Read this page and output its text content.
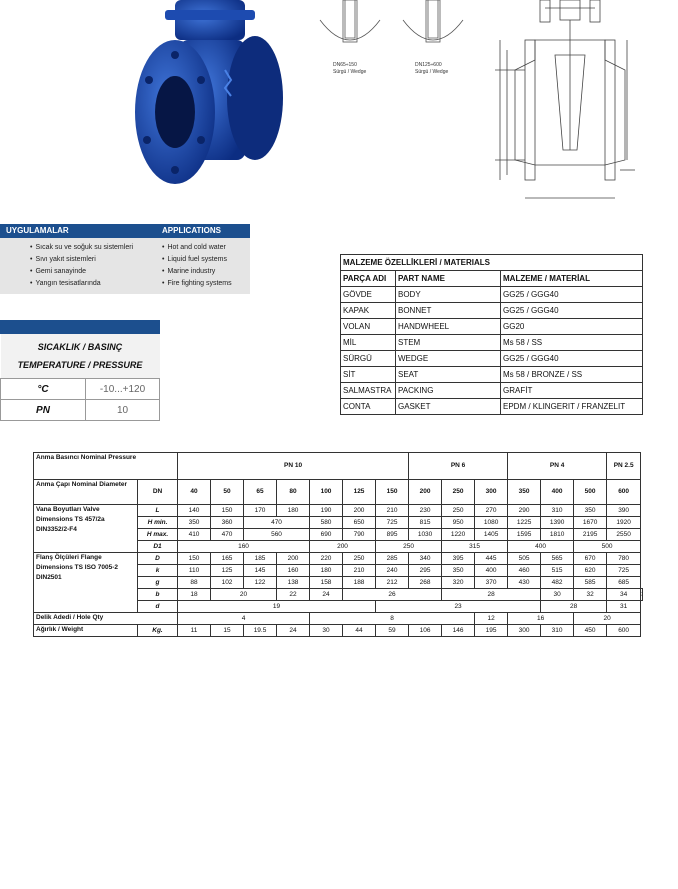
DN65÷150
Sürgü / Wedge
DN125÷600
Sürgü / Wedge
UYGULAMALAR	APPLICATIONS
• Sıcak su ve soğuk su sistemleri
• Sıvı yakıt sistemleri
• Gemi sanayinde
• Yangın tesisatlarında
• Hot and cold water
• Liquid fuel systems
• Marine industry
• Fire fighting systems
SICAKLIK / BASINÇ
TEMPERATURE / PRESSURE	
°C	-10...+120
PN	10
MALZEME ÖZELLİKLERİ / MATERIALS		
PARÇA ADI	PART NAME	MALZEME / MATERİAL
GÖVDE	BODY	GG25 / GGG40
KAPAK	BONNET	GG25 / GGG40
VOLAN	HANDWHEEL	GG20
MİL	STEM	Ms 58 / SS
SÜRGÜ	WEDGE	GG25 / GGG40
SİT	SEAT	Ms 58 / BRONZE / SS
SALMASTRA	PACKING	GRAFİT
CONTA	GASKET	EPDM / KLINGERIT / FRANZELIT
Anma Basıncı Nominal Pressure		PN 10							PN 6			PN 4			PN 2.5	
Anma Çapı Nominal Diameter	DN	40	50	65	80	100	125	150	200	250	300	350	400	500	600	
Vana Boyutları Valve Dimensions TS 457/2a DIN3352/2-F4	L	140	150	170	180	190	200	210	230	250	270	290	310	350	390	
	H min.	350	360	470		580	650	725	815	950	1080	1225	1390	1670	1920	
	H max.	410	470	560		690	790	895	1030	1220	1405	1595	1810	2195	2550	
	D1	160				200		250		315		400		500		
Flanş Ölçüleri Flange Dimensions TS ISO 7005-2 DIN2501	D	150	165	185	200	220	250	285	340	395	445	505	565	670	780	
	k	110	125	145	160	180	210	240	295	350	400	460	515	620	725	
	g	88	102	122	138	158	188	212	268	320	370	430	482	585	685	
	b	18	20		22	24	26			28			30	32	34	
	d	19						23					28		31	
Delik Adedi / Hole Qty		4				8					12	16		20		
Ağırlık / Weight	Kg.	11	15	19.5	24	30	44	59	106	146	195	300	310	450	600	
